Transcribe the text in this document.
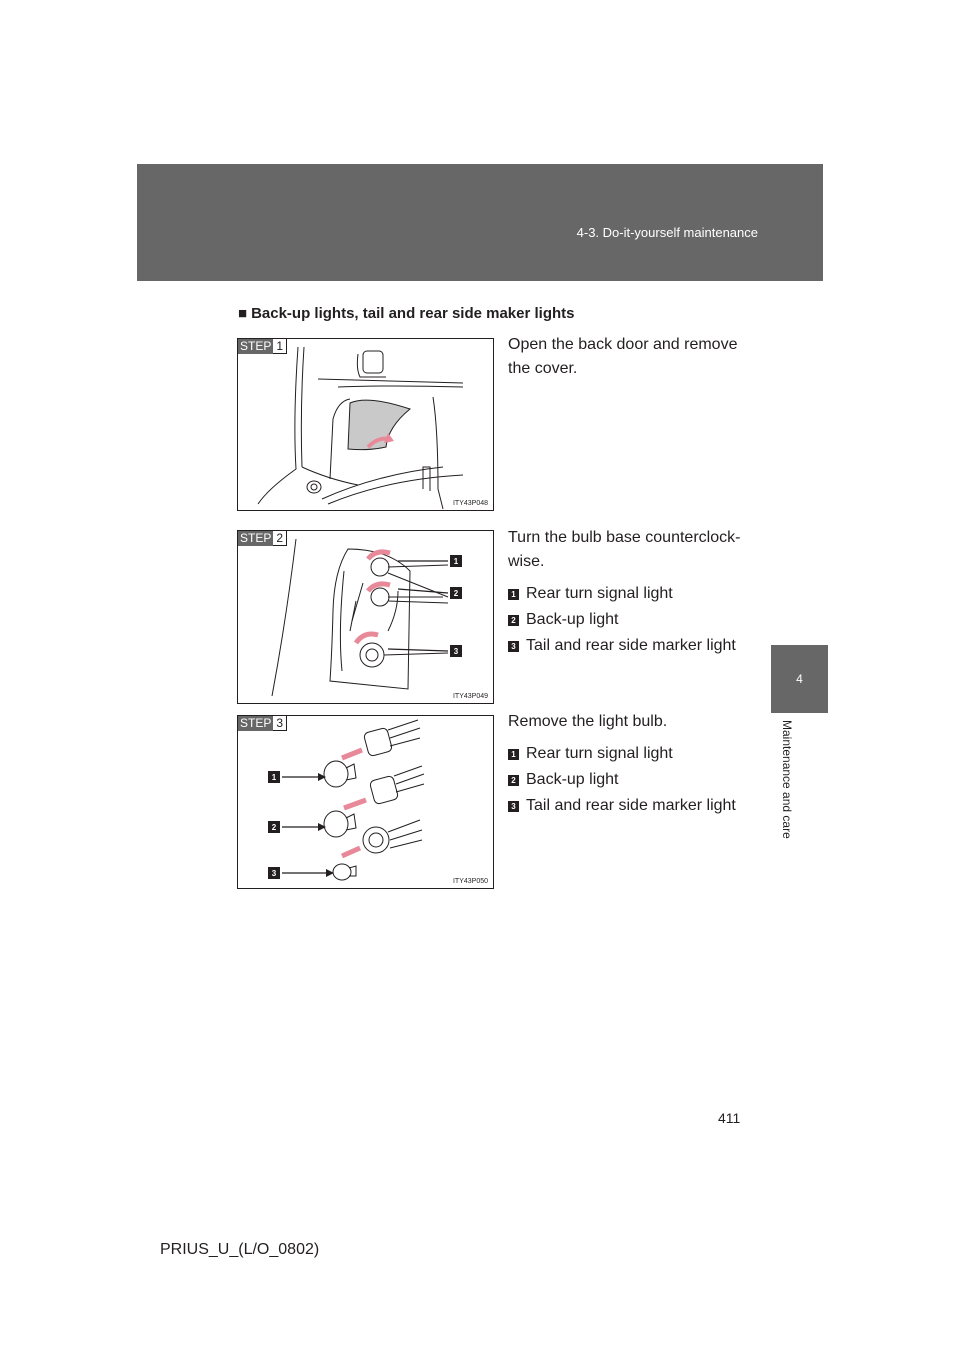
4-3. Do-it-yourself maintenance
4
Maintenance and care
■ Back-up lights, tail and rear side maker lights
STEP 1
ITY43P048

Open the back door and remove the cover.

1
2
3
STEP 2
ITY43P049

Turn the bulb base counterclock-wise.

1 Rear turn signal light
2 Back-up light
3 Tail and rear side marker light
1
2
3
STEP 3
ITY43P050

Remove the light bulb.

1 Rear turn signal light
2 Back-up light
3 Tail and rear side marker light
411
PRIUS_U_(L/O_0802)
